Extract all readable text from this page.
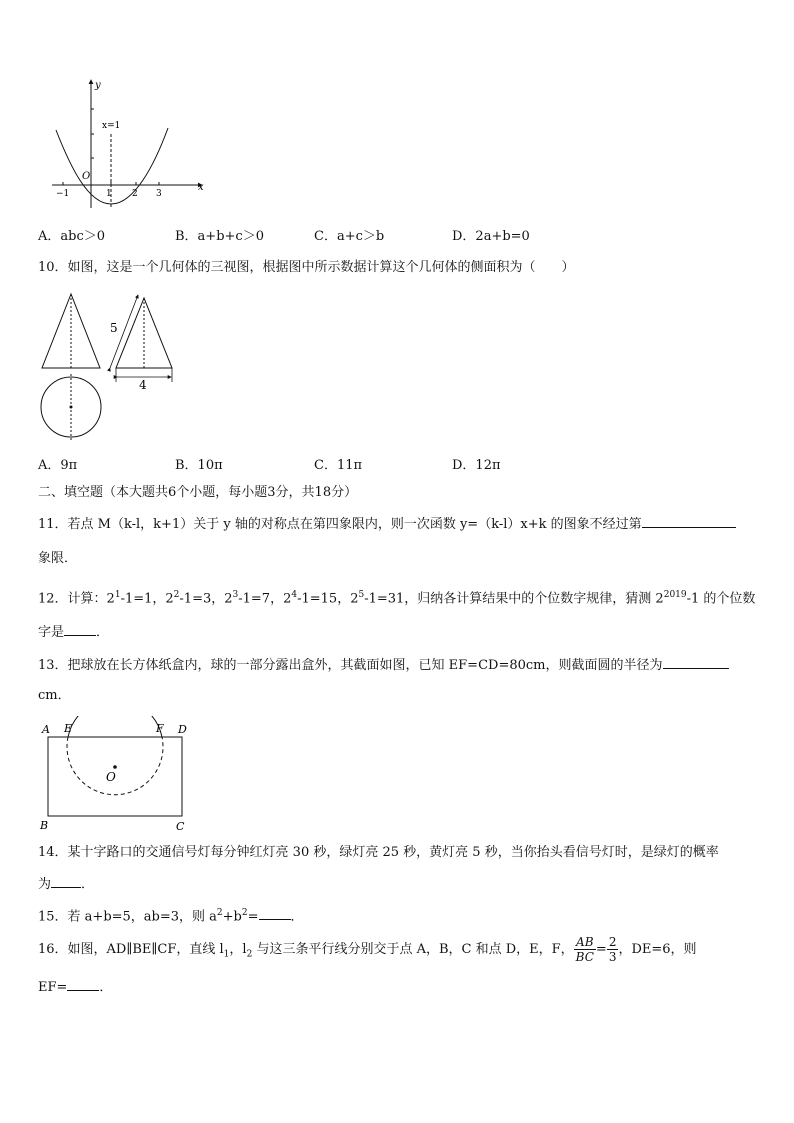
y
x
O
x=1
−1	1 2 3
A．abc＞0	B．a+b+c＞0	C．a+c＞b	D．2a+b=0
10．如图，这是一个几何体的三视图，根据图中所示数据计算这个几何体的侧面积为（　　）
5
4
A．9π	B．10π	C．11π	D．12π
二、填空题（本大题共6个小题，每小题3分，共18分）
11．若点 M（k-l，k+1）关于 y 轴的对称点在第四象限内，则一次函数 y=（k-l）x+k 的图象不经过第
象限．
12．计算：$2^1-1=1$，$2^2-1=3$，$2^3-1=7$，$2^4-1=15$，$2^5-1=31$，归纳各计算结果中的个位数字规律，猜测 $2^{2019}-1$ 的个位数
字是 ．
13．把球放在长方体纸盒内，球的一部分露出盒外，其截面如图，已知 EF=CD=80cm，则截面圆的半径为
cm．
A E	F D
O
B	C
14．某十字路口的交通信号灯每分钟红灯亮 30 秒，绿灯亮 25 秒，黄灯亮 5 秒，当你抬头看信号灯时，是绿灯的概率
为 ．
15．若 a+b=5，ab=3，则 $a^2+b^2=$ ．
16．如图，AD∥BE∥CF，直线 $l_1$，$l_2$ 与这三条平行线分别交于点 A，B，C 和点 D，E，F， $\frac{AB}{BC} = \frac{2}{3}$ ，DE=6，则
EF= ．
